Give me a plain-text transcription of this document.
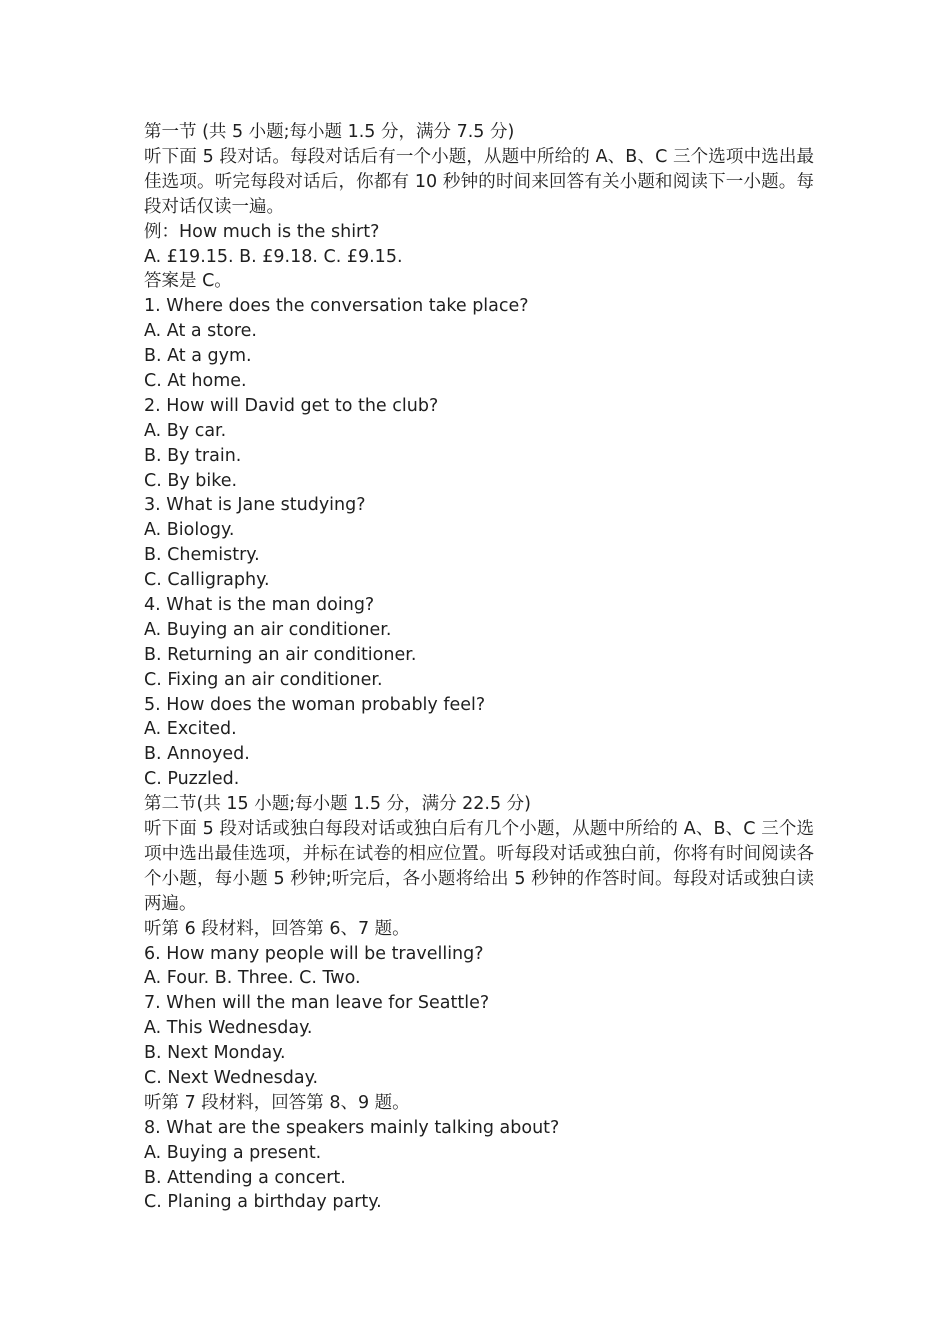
第一节 (共 5 小题;每小题 1.5 分，满分 7.5 分)

听下面 5 段对话。每段对话后有一个小题，从题中所给的 A、B、C 三个选项中选出最佳选项。听完每段对话后，你都有 10 秒钟的时间来回答有关小题和阅读下一小题。每段对话仅读一遍。

例：How much is the shirt?
A. £19.15. B. £9.18. C. £9.15.
答案是 C。
1. Where does the conversation take place?
A. At a store.
B. At a gym.
C. At home.
2. How will David get to the club?
A. By car.
B. By train.
C. By bike.
3. What is Jane studying?
A. Biology.
B. Chemistry.
C. Calligraphy.
4. What is the man doing?
A. Buying an air conditioner.
B. Returning an air conditioner.
C. Fixing an air conditioner.
5. How does the woman probably feel?
A. Excited.
B. Annoyed.
C. Puzzled.
第二节(共 15 小题;每小题 1.5 分，满分 22.5 分)

听下面 5 段对话或独白每段对话或独白后有几个小题，从题中所给的 A、B、C 三个选项中选出最佳选项，并标在试卷的相应位置。听每段对话或独白前，你将有时间阅读各个小题，每小题 5 秒钟;听完后，各小题将给出 5 秒钟的作答时间。每段对话或独白读两遍。

听第 6 段材料，回答第 6、7 题。
6. How many people will be travelling?
A. Four. B. Three. C. Two.
7. When will the man leave for Seattle?
A. This Wednesday.
B. Next Monday.
C. Next Wednesday.
听第 7 段材料，回答第 8、9 题。
8. What are the speakers mainly talking about?
A. Buying a present.
B. Attending a concert.
C. Planing a birthday party.
